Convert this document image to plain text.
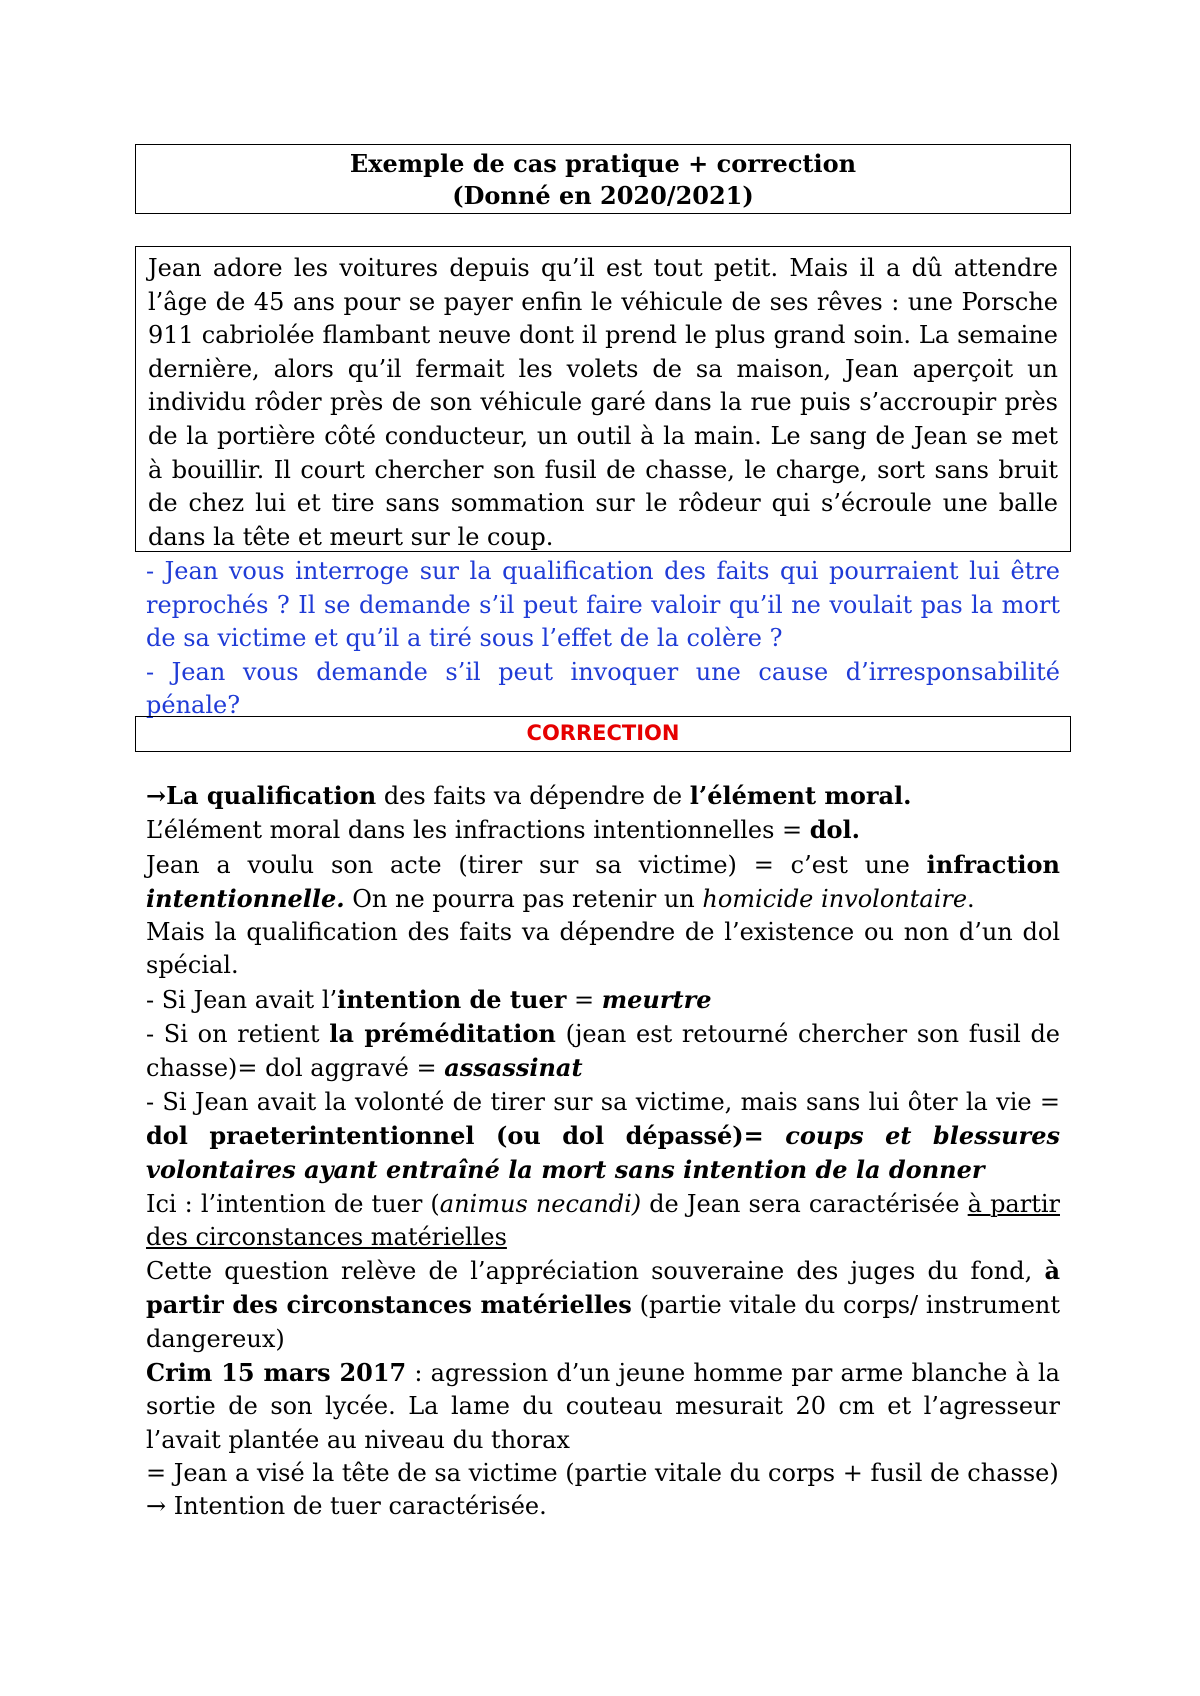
Exemple de cas pratique + correction
(Donné en 2020/2021)
Jean adore les voitures depuis qu’il est tout petit. Mais il a dû attendre l’âge de 45 ans pour se payer enfin le véhicule de ses rêves : une Porsche 911 cabriolée flambant neuve dont il prend le plus grand soin. La semaine dernière, alors qu’il fermait les volets de sa maison, Jean aperçoit un individu rôder près de son véhicule garé dans la rue puis s’accroupir près de la portière côté conducteur, un outil à la main. Le sang de Jean se met à bouillir. Il court chercher son fusil de chasse, le charge, sort sans bruit de chez lui et tire sans sommation sur le rôdeur qui s’écroule une balle dans la tête et meurt sur le coup.

- Jean vous interroge sur la qualification des faits qui pourraient lui être reprochés ? Il se demande s’il peut faire valoir qu’il ne voulait pas la mort de sa victime et qu’il a tiré sous l’effet de la colère ?

- Jean vous demande s’il peut invoquer une cause d’irresponsabilité pénale?

CORRECTION

→La qualification des faits va dépendre de l’élément moral.

L’élément moral dans les infractions intentionnelles = dol.

Jean a voulu son acte (tirer sur sa victime) = c’est une infraction intentionnelle. On ne pourra pas retenir un homicide involontaire.

Mais la qualification des faits va dépendre de l’existence ou non d’un dol spécial.

- Si Jean avait l’intention de tuer = meurtre

- Si on retient la préméditation (jean est retourné chercher son fusil de chasse)= dol aggravé = assassinat

- Si Jean avait la volonté de tirer sur sa victime, mais sans lui ôter la vie = dol praeterintentionnel (ou dol dépassé)= coups et blessures volontaires ayant entraîné la mort sans intention de la donner

Ici : l’intention de tuer (animus necandi) de Jean sera caractérisée à partir des circonstances matérielles

Cette question relève de l’appréciation souveraine des juges du fond, à partir des circonstances matérielles (partie vitale du corps/ instrument dangereux)

Crim 15 mars 2017 : agression d’un jeune homme par arme blanche à la sortie de son lycée. La lame du couteau mesurait 20 cm et l’agresseur l’avait plantée au niveau du thorax

= Jean a visé la tête de sa victime (partie vitale du corps + fusil de chasse)

→ Intention de tuer caractérisée.
